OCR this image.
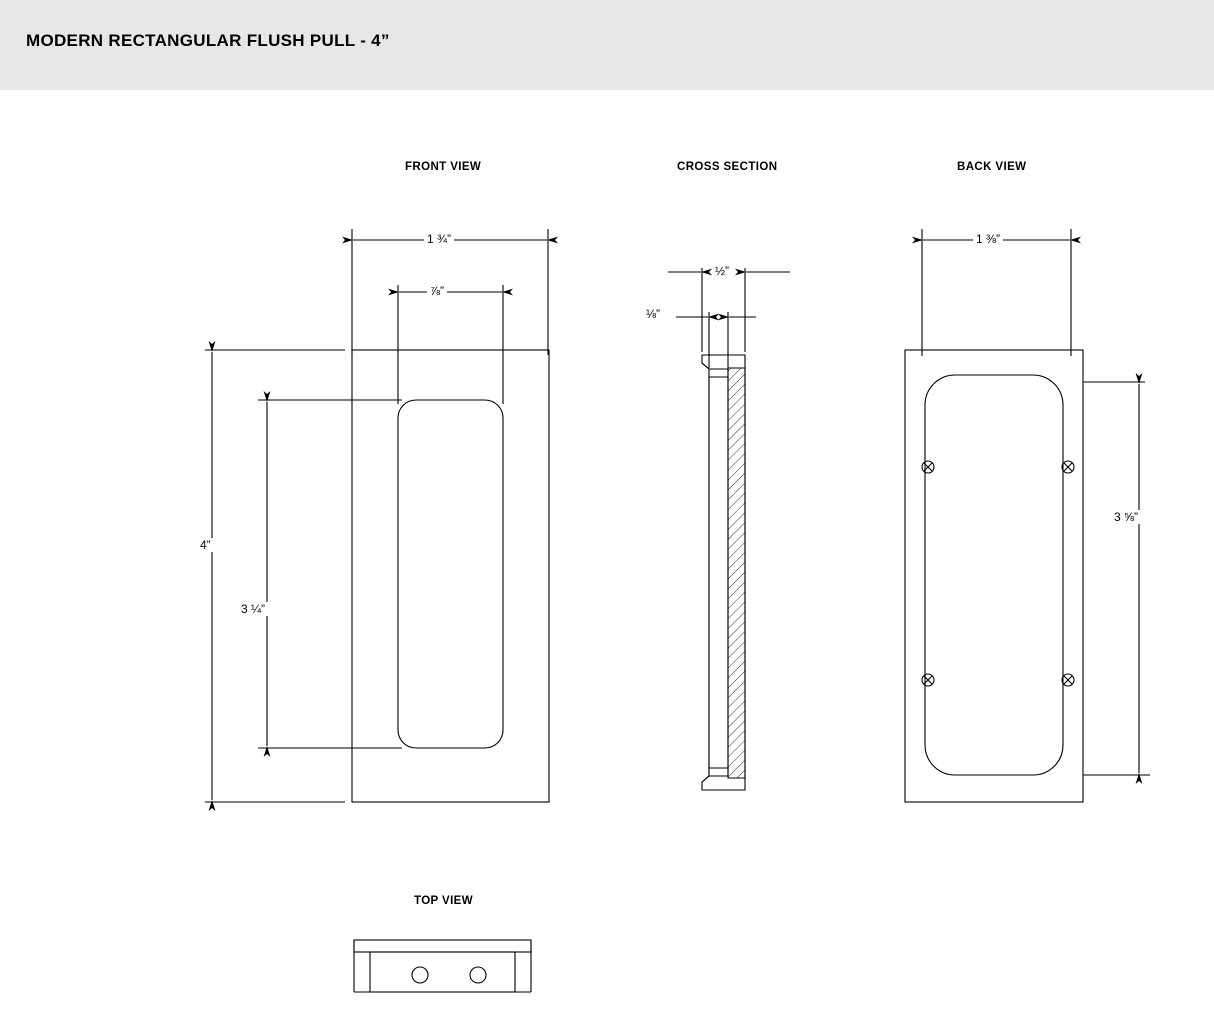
MODERN RECTANGULAR FLUSH PULL - 4”
FRONT VIEW	CROSS SECTION	BACK VIEW
TOP VIEW
1 ¾”
⅞”
4”
3 ¼”
½”
⅛”
1 ⅜”
3 ⅝”
